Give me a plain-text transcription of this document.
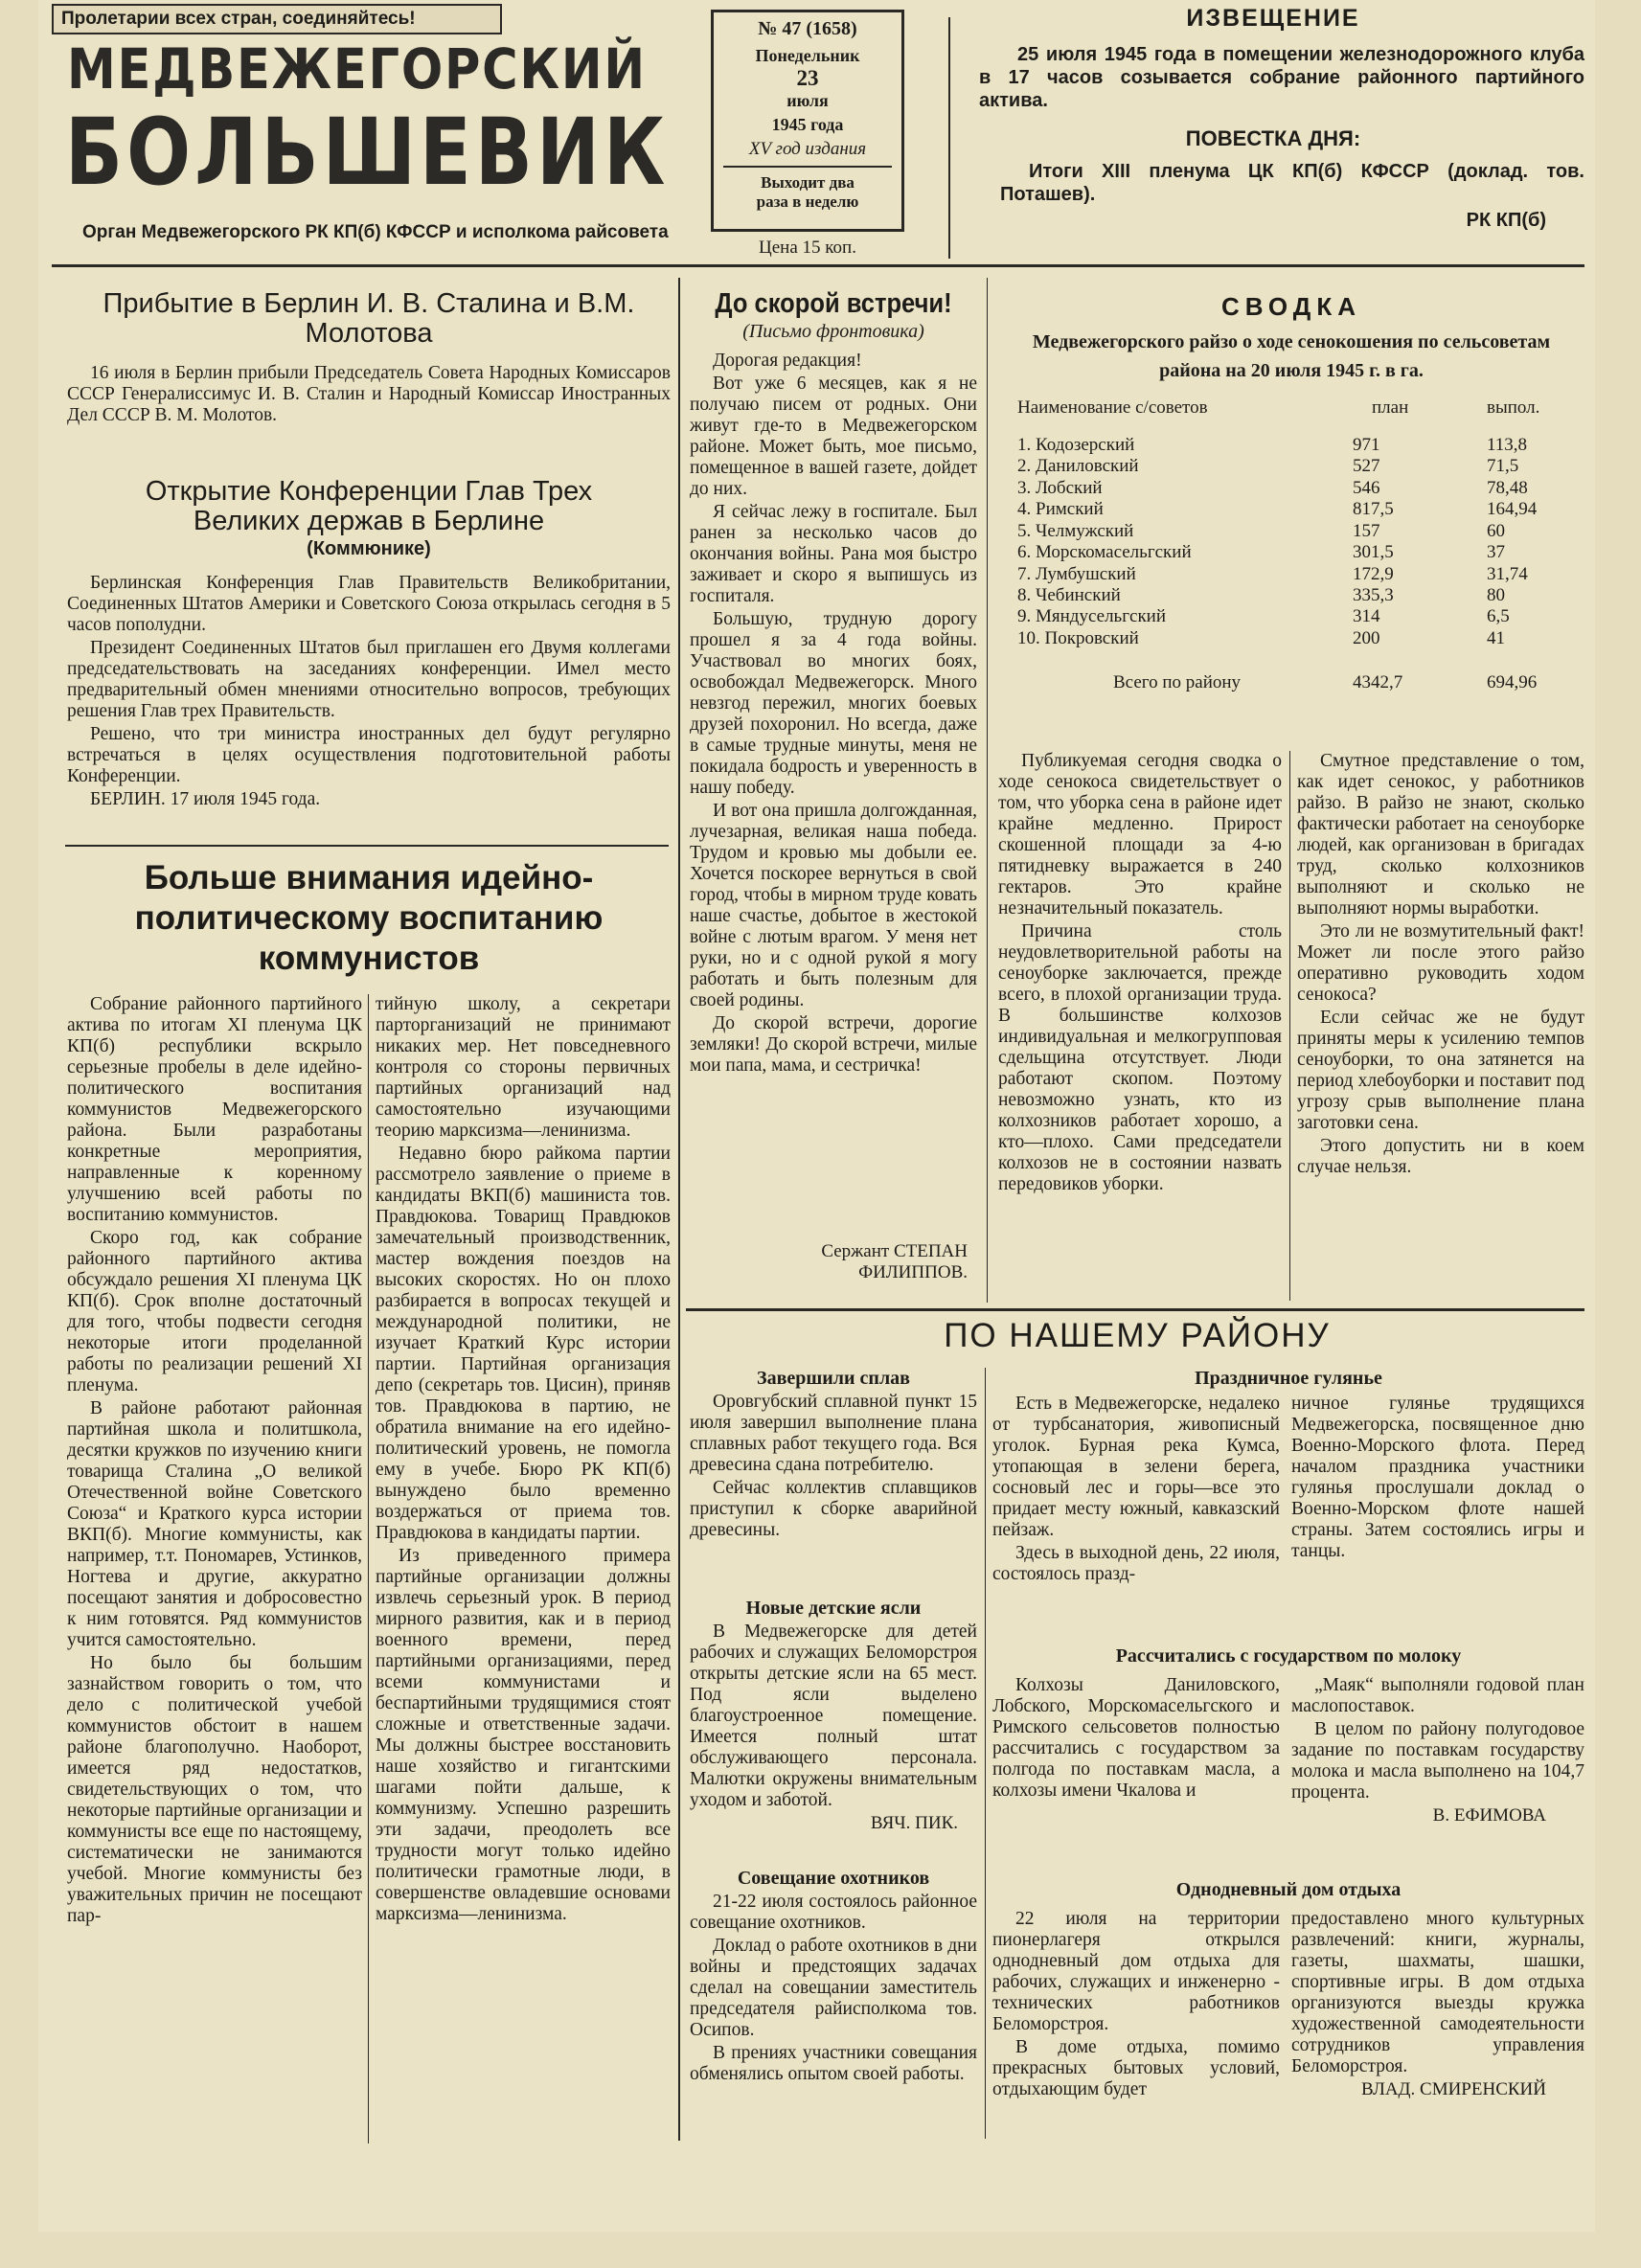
Пролетарии всех стран, соединяйтесь!
МЕДВЕЖЕГОРСКИЙ
БОЛЬШЕВИК
Орган Медвежегорского РК КП(б) КФССР и исполкома райсовета
№ 47 (1658)
Понедельник
23
июля
1945 года
XV год издания
Выходит два раза в неделю
Цена 15 коп.
ИЗВЕЩЕНИЕ
25 июля 1945 года в помещении железнодорожного клуба в 17 часов созывается собрание районного партийного актива.
ПОВЕСТКА ДНЯ:
Итоги XIII пленума ЦК КП(б) КФССР (доклад. тов. Поташев).
РК КП(б)
Прибытие в Берлин И. В. Сталина и В.М. Молотова

16 июля в Берлин прибыли Председатель Совета Народных Комиссаров СССР Генералиссимус И. В. Сталин и Народный Комиссар Иностранных Дел СССР В. М. Молотов.

Открытие Конференции Глав Трех Великих держав в Берлине
(Коммюнике)

Берлинская Конференция Глав Правительств Великобритании, Соединенных Штатов Америки и Советского Союза открылась сегодня в 5 часов пополудни.

Президент Соединенных Штатов был приглашен его Двумя коллегами председательствовать на заседаниях конференции. Имел место предварительный обмен мнениями относительно вопросов, требующих решения Глав трех Правительств.

Решено, что три министра иностранных дел будут регулярно встречаться в целях осуществления подготовительной работы Конференции.

БЕРЛИН. 17 июля 1945 года.

Больше внимания идейно-политическому воспитанию коммунистов

Собрание районного партийного актива по итогам XI пленума ЦК КП(б) республики вскрыло серьезные пробелы в деле идейно-политического воспитания коммунистов Медвежегорского района. Были разработаны конкретные мероприятия, направленные к коренному улучшению всей работы по воспитанию коммунистов.

Скоро год, как собрание районного партийного актива обсуждало решения XI пленума ЦК КП(б). Срок вполне достаточный для того, чтобы подвести сегодня некоторые итоги проделанной работы по реализации решений XI пленума.

В районе работают районная партийная школа и политшкола, десятки кружков по изучению книги товарища Сталина „О великой Отечественной войне Советского Союза“ и Краткого курса истории ВКП(б). Многие коммунисты, как например, т.т. Пономарев, Устинков, Ногтева и другие, аккуратно посещают занятия и добросовестно к ним готовятся. Ряд коммунистов учится самостоятельно.

Но было бы большим зазнайством говорить о том, что дело с политической учебой коммунистов обстоит в нашем районе благополучно. Наоборот, имеется ряд недостатков, свидетельствующих о том, что некоторые партийные организации и коммунисты все еще по настоящему, систематически не занимаются учебой. Многие коммунисты без уважительных причин не посещают пар-

тийную школу, а секретари парторганизаций не принимают никаких мер. Нет повседневного контроля со стороны первичных партийных организаций над самостоятельно изучающими теорию марксизма—ленинизма.

Недавно бюро райкома партии рассмотрело заявление о приеме в кандидаты ВКП(б) машиниста тов. Правдюкова. Товарищ Правдюков замечательный производственник, мастер вождения поездов на высоких скоростях. Но он плохо разбирается в вопросах текущей и международной политики, не изучает Краткий Курс истории партии. Партийная организация депо (секретарь тов. Цисин), приняв тов. Правдюкова в партию, не обратила внимание на его идейно-политический уровень, не помогла ему в учебе. Бюро РК КП(б) вынуждено было временно воздержаться от приема тов. Правдюкова в кандидаты партии.

Из приведенного примера партийные организации должны извлечь серьезный урок. В период мирного развития, как и в период военного времени, перед партийными организациями, перед всеми коммунистами и беспартийными трудящимися стоят сложные и ответственные задачи. Мы должны быстрее восстановить наше хозяйство и гигантскими шагами пойти дальше, к коммунизму. Успешно разрешить эти задачи, преодолеть все трудности могут только идейно политически грамотные люди, в совершенстве овладевшие основами марксизма—ленинизма.

До скорой встречи!
(Письмо фронтовика)

Дорогая редакция!

Вот уже 6 месяцев, как я не получаю писем от родных. Они живут где-то в Медвежегорском районе. Может быть, мое письмо, помещенное в вашей газете, дойдет до них.

Я сейчас лежу в госпитале. Был ранен за несколько часов до окончания войны. Рана моя быстро заживает и скоро я выпишусь из госпиталя.

Большую, трудную дорогу прошел я за 4 года войны. Участвовал во многих боях, освобождал Медвежегорск. Много невзгод пережил, многих боевых друзей похоронил. Но всегда, даже в самые трудные минуты, меня не покидала бодрость и уверенность в нашу победу.

И вот она пришла долгожданная, лучезарная, великая наша победа. Трудом и кровью мы добыли ее. Хочется поскорее вернуться в свой город, чтобы в мирном труде ковать наше счастье, добытое в жестокой войне с лютым врагом. У меня нет руки, но и с одной рукой я могу работать и быть полезным для своей родины.

До скорой встречи, дорогие земляки! До скорой встречи, милые мои папа, мама, и сестричка!

Сержант СТЕПАН ФИЛИППОВ.
СВОДКА
Медвежегорского райзо о ходе сенокошения по сельсоветам района на 20 июля 1945 г. в га.
Наименование с/советов	план	выпол.
1. Кодозерский	971	113,8
2. Даниловский	527	71,5
3. Лобский	546	78,48
4. Римский	817,5	164,94
5. Челмужский	157	60
6. Морскомасельгский	301,5	37
7. Лумбушский	172,9	31,74
8. Чебинский	335,3	80
9. Мяндусельгский	314	6,5
10. Покровский	200	41
Всего по району	4342,7	694,96

Публикуемая сегодня сводка о ходе сенокоса свидетельствует о том, что уборка сена в районе идет крайне медленно. Прирост скошенной площади за 4-ю пятидневку выражается в 240 гектаров. Это крайне незначительный показатель.

Причина столь неудовлетворительной работы на сеноуборке заключается, прежде всего, в плохой организации труда. В большинстве колхозов индивидуальная и мелкогрупповая сдельщина отсутствует. Люди работают скопом. Поэтому невозможно узнать, кто из колхозников работает хорошо, а кто—плохо. Сами председатели колхозов не в состоянии назвать передовиков уборки.

Смутное представление о том, как идет сенокос, у работников райзо. В райзо не знают, сколько фактически работает на сеноуборке людей, как организован в бригадах труд, сколько колхозников выполняют и сколько не выполняют нормы выработки.

Это ли не возмутительный факт! Может ли после этого райзо оперативно руководить ходом сенокоса?

Если сейчас же не будут приняты меры к усилению темпов сеноуборки, то она затянется на период хлебоуборки и поставит под угрозу срыв выполнение плана заготовки сена.

Этого допустить ни в коем случае нельзя.

ПО НАШЕМУ РАЙОНУ
Завершили сплав

Оровгубский сплавной пункт 15 июля завершил выполнение плана сплавных работ текущего года. Вся древесина сдана потребителю.

Сейчас коллектив сплавщиков приступил к сборке аварийной древесины.

Новые детские ясли

В Медвежегорске для детей рабочих и служащих Беломорстроя открыты детские ясли на 65 мест. Под ясли выделено благоустроенное помещение. Имеется полный штат обслуживающего персонала. Малютки окружены внимательным уходом и заботой.

ВЯЧ. ПИК.
Совещание охотников

21-22 июля состоялось районное совещание охотников.

Доклад о работе охотников в дни войны и предстоящих задачах сделал на совещании заместитель председателя райисполкома тов. Осипов.

В прениях участники совещания обменялись опытом своей работы.

Праздничное гулянье

Есть в Медвежегорске, недалеко от турбсанатория, живописный уголок. Бурная река Кумса, утопающая в зелени берега, сосновый лес и горы—все это придает месту южный, кавказский пейзаж.

Здесь в выходной день, 22 июля, состоялось празд-

ничное гулянье трудящихся Медвежегорска, посвященное дню Военно-Морского флота. Перед началом праздника участники гулянья прослушали доклад о Военно-Морском флоте нашей страны. Затем состоялись игры и танцы.

Рассчитались с государством по молоку

Колхозы Даниловского, Лобского, Морскомасельгского и Римского сельсоветов полностью рассчитались с государством за полгода по поставкам масла, а колхозы имени Чкалова и

„Маяк“ выполняли годовой план маслопоставок.

В целом по району полугодовое задание по поставкам государству молока и масла выполнено на 104,7 процента.

В. ЕФИМОВА
Однодневный дом отдыха

22 июля на территории пионерлагеря открылся однодневный дом отдыха для рабочих, служащих и инженерно - технических работников Беломорстроя.

В доме отдыха, помимо прекрасных бытовых условий, отдыхающим будет

предоставлено много культурных развлечений: книги, журналы, газеты, шахматы, шашки, спортивные игры. В дом отдыха организуются выезды кружка художественной самодеятельности сотрудников управления Беломорстроя.

ВЛАД. СМИРЕНСКИЙ
